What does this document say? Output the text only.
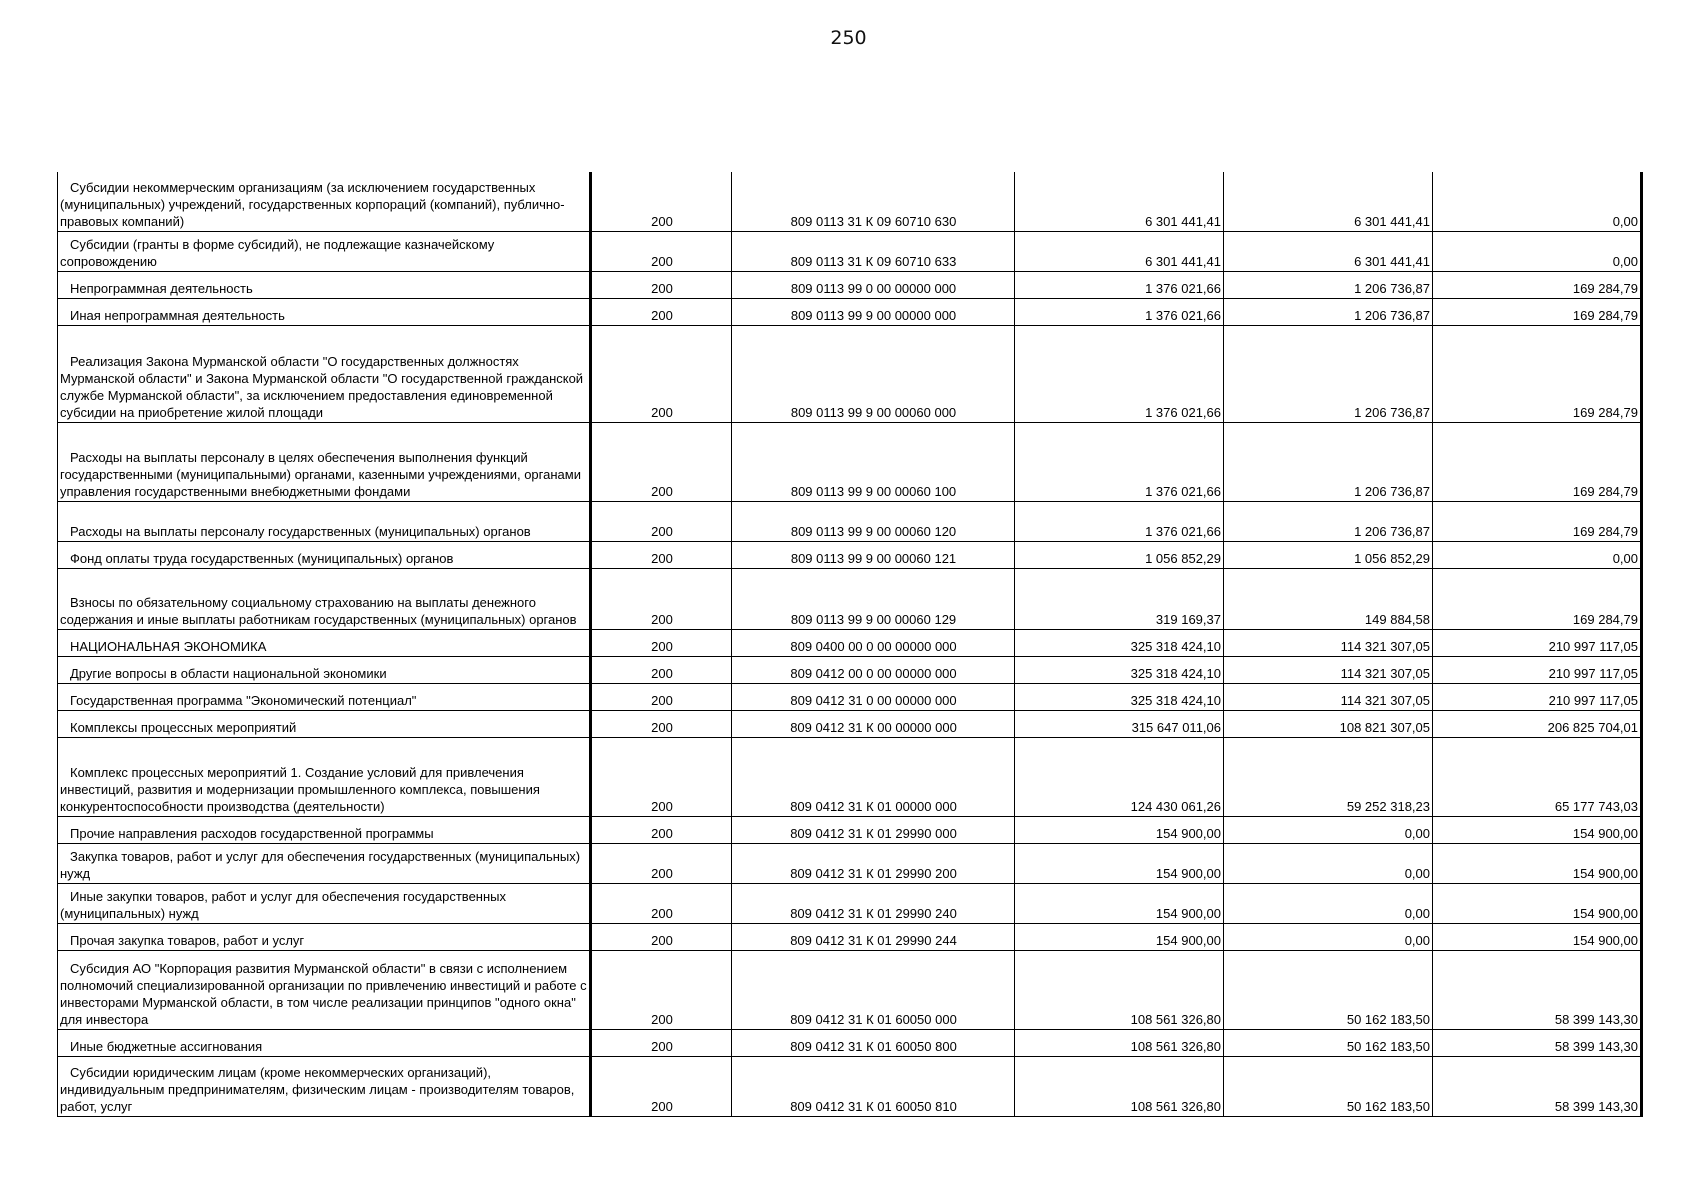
250
Субсидии некоммерческим организациям (за исключением государственных (муниципальных) учреждений, государственных корпораций (компаний), публично-правовых компаний)	200	809 0113 31 К 09 60710 630	6 301 441,41	6 301 441,41	0,00
Субсидии (гранты в форме субсидий), не подлежащие казначейскому сопровождению	200	809 0113 31 К 09 60710 633	6 301 441,41	6 301 441,41	0,00
Непрограммная деятельность	200	809 0113 99 0 00 00000 000	1 376 021,66	1 206 736,87	169 284,79
Иная непрограммная деятельность	200	809 0113 99 9 00 00000 000	1 376 021,66	1 206 736,87	169 284,79
Реализация Закона Мурманской области "О государственных должностях Мурманской области" и Закона Мурманской области "О государственной гражданской службе Мурманской области", за исключением предоставления единовременной субсидии на приобретение жилой площади	200	809 0113 99 9 00 00060 000	1 376 021,66	1 206 736,87	169 284,79
Расходы на выплаты персоналу в целях обеспечения выполнения функций государственными (муниципальными) органами, казенными учреждениями, органами управления государственными внебюджетными фондами	200	809 0113 99 9 00 00060 100	1 376 021,66	1 206 736,87	169 284,79
Расходы на выплаты персоналу государственных (муниципальных) органов	200	809 0113 99 9 00 00060 120	1 376 021,66	1 206 736,87	169 284,79
Фонд оплаты труда государственных (муниципальных) органов	200	809 0113 99 9 00 00060 121	1 056 852,29	1 056 852,29	0,00
Взносы по обязательному социальному страхованию на выплаты денежного содержания и иные выплаты работникам государственных (муниципальных) органов	200	809 0113 99 9 00 00060 129	319 169,37	149 884,58	169 284,79
НАЦИОНАЛЬНАЯ ЭКОНОМИКА	200	809 0400 00 0 00 00000 000	325 318 424,10	114 321 307,05	210 997 117,05
Другие вопросы в области национальной экономики	200	809 0412 00 0 00 00000 000	325 318 424,10	114 321 307,05	210 997 117,05
Государственная программа "Экономический потенциал"	200	809 0412 31 0 00 00000 000	325 318 424,10	114 321 307,05	210 997 117,05
Комплексы процессных мероприятий	200	809 0412 31 К 00 00000 000	315 647 011,06	108 821 307,05	206 825 704,01
Комплекс процессных мероприятий 1. Создание условий для привлечения инвестиций, развития и модернизации промышленного комплекса, повышения конкурентоспособности производства (деятельности)	200	809 0412 31 К 01 00000 000	124 430 061,26	59 252 318,23	65 177 743,03
Прочие направления расходов государственной программы	200	809 0412 31 К 01 29990 000	154 900,00	0,00	154 900,00
Закупка товаров, работ и услуг для обеспечения государственных (муниципальных) нужд	200	809 0412 31 К 01 29990 200	154 900,00	0,00	154 900,00
Иные закупки товаров, работ и услуг для обеспечения государственных (муниципальных) нужд	200	809 0412 31 К 01 29990 240	154 900,00	0,00	154 900,00
Прочая закупка товаров, работ и услуг	200	809 0412 31 К 01 29990 244	154 900,00	0,00	154 900,00
Субсидия АО "Корпорация развития Мурманской области" в связи с исполнением полномочий специализированной организации по привлечению инвестиций и работе с инвесторами Мурманской области, в том числе реализации принципов "одного окна" для инвестора	200	809 0412 31 К 01 60050 000	108 561 326,80	50 162 183,50	58 399 143,30
Иные бюджетные ассигнования	200	809 0412 31 К 01 60050 800	108 561 326,80	50 162 183,50	58 399 143,30
Субсидии юридическим лицам (кроме некоммерческих организаций), индивидуальным предпринимателям, физическим лицам - производителям товаров, работ, услуг	200	809 0412 31 К 01 60050 810	108 561 326,80	50 162 183,50	58 399 143,30
